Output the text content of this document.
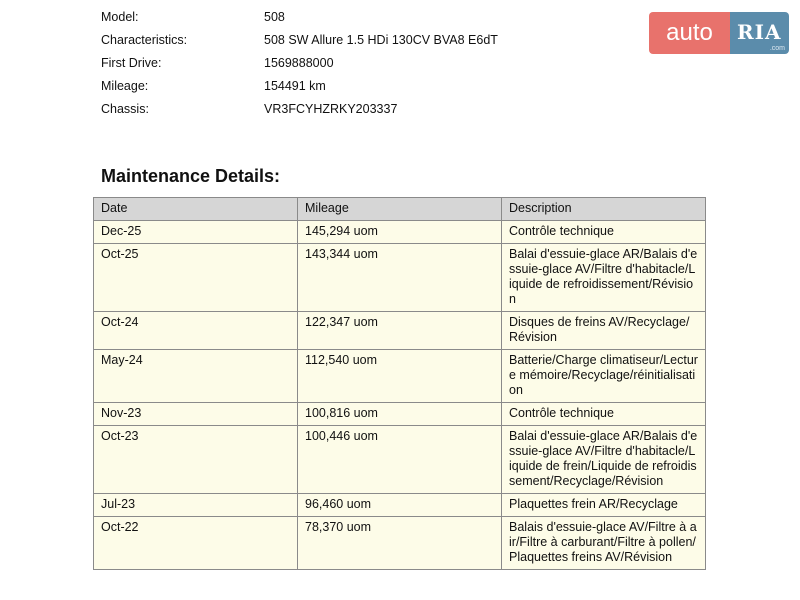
Model:	508
Characteristics:	508 SW Allure 1.5 HDi 130CV BVA8 E6dT
First Drive:	1569888000
Mileage:	154491 km
Chassis:	VR3FCYHZRKY203337
auto	RIA
.com
Maintenance Details:
Date	Mileage	Description
Dec-25	145,294 uom	Contrôle technique
Oct-25	143,344 uom	Balai d'essuie-glace AR/Balais d'essuie-glace AV/Filtre d'habitacle/Liquide de refroidissement/Révision
Oct-24	122,347 uom	Disques de freins AV/Recyclage/Révision
May-24	112,540 uom	Batterie/Charge climatiseur/Lecture mémoire/Recyclage/réinitialisation
Nov-23	100,816 uom	Contrôle technique
Oct-23	100,446 uom	Balai d'essuie-glace AR/Balais d'essuie-glace AV/Filtre d'habitacle/Liquide de frein/Liquide de refroidissement/Recyclage/Révision
Jul-23	96,460 uom	Plaquettes frein AR/Recyclage
Oct-22	78,370 uom	Balais d'essuie-glace AV/Filtre à air/Filtre à carburant/Filtre à pollen/Plaquettes freins AV/Révision
